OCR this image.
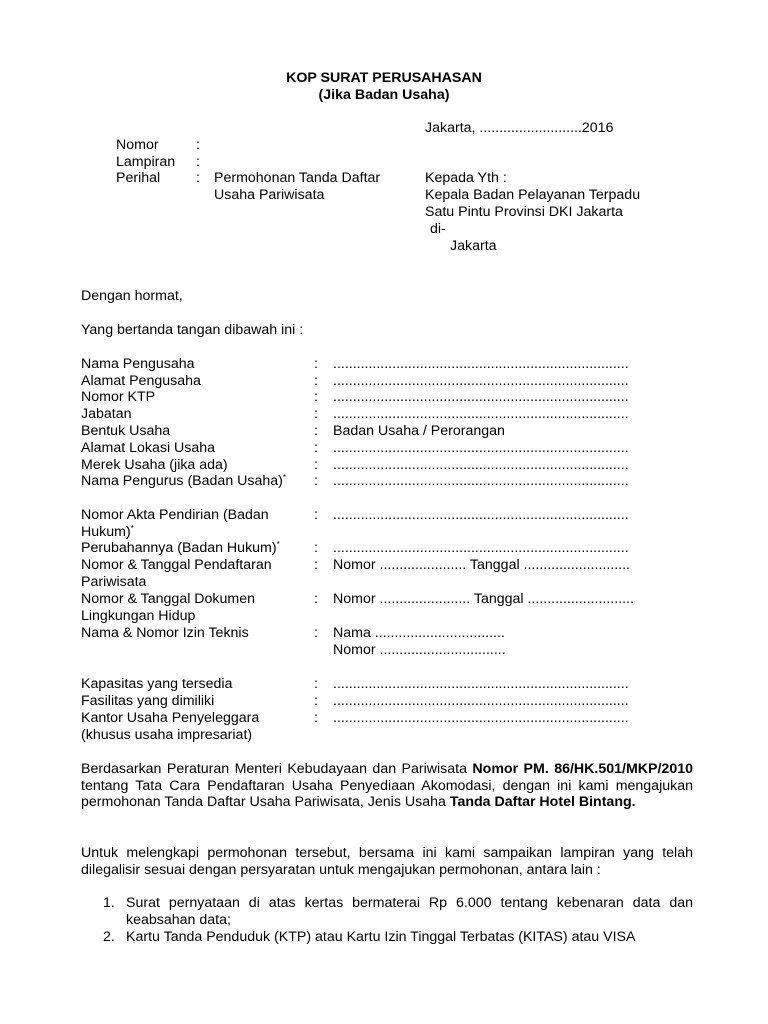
KOP SURAT PERUSAHASAN
(Jika Badan Usaha)
Jakarta, ..........................2016
Nomor	:
Lampiran :
Perihal	: Permohonan Tanda Daftar
Usaha Pariwisata
Kepada Yth :
Kepala Badan Pelayanan Terpadu
Satu Pintu Provinsi DKI Jakarta
di-
Jakarta
Dengan hormat,
Yang bertanda tangan dibawah ini :
Nama Pengusaha	: ...........................................................................
Alamat Pengusaha	: ...........................................................................
Nomor KTP	: ...........................................................................
Jabatan	: ...........................................................................
Bentuk Usaha	: Badan Usaha / Perorangan
Alamat Lokasi Usaha	: ...........................................................................
Merek Usaha (jika ada)	: ...........................................................................
Nama Pengurus (Badan Usaha)*	: ...........................................................................
Nomor Akta Pendirian (Badan Hukum)*
: ...........................................................................
Perubahannya (Badan Hukum)*	: ...........................................................................
Nomor & Tanggal Pendaftaran Pariwisata
: Nomor ...................... Tanggal ...........................
Nomor & Tanggal Dokumen Lingkungan Hidup
: Nomor ....................... Tanggal ...........................
Nama & Nomor Izin Teknis	: Nama .................................
Nomor ................................
Kapasitas yang tersedia	: ...........................................................................
Fasilitas yang dimiliki	: ...........................................................................
Kantor Usaha Penyeleggara (khusus usaha impresariat)
: ...........................................................................
Berdasarkan Peraturan Menteri Kebudayaan dan Pariwisata Nomor PM. 86/HK.501/MKP/2010 tentang Tata Cara Pendaftaran Usaha Penyediaan Akomodasi, dengan ini kami mengajukan permohonan Tanda Daftar Usaha Pariwisata, Jenis Usaha Tanda Daftar Hotel Bintang.
Untuk melengkapi permohonan tersebut, bersama ini kami sampaikan lampiran yang telah dilegalisir sesuai dengan persyaratan untuk mengajukan permohonan, antara lain :
1. Surat pernyataan di atas kertas bermaterai Rp 6.000 tentang kebenaran data dan keabsahan data;
2. Kartu Tanda Penduduk (KTP) atau Kartu Izin Tinggal Terbatas (KITAS) atau VISA
